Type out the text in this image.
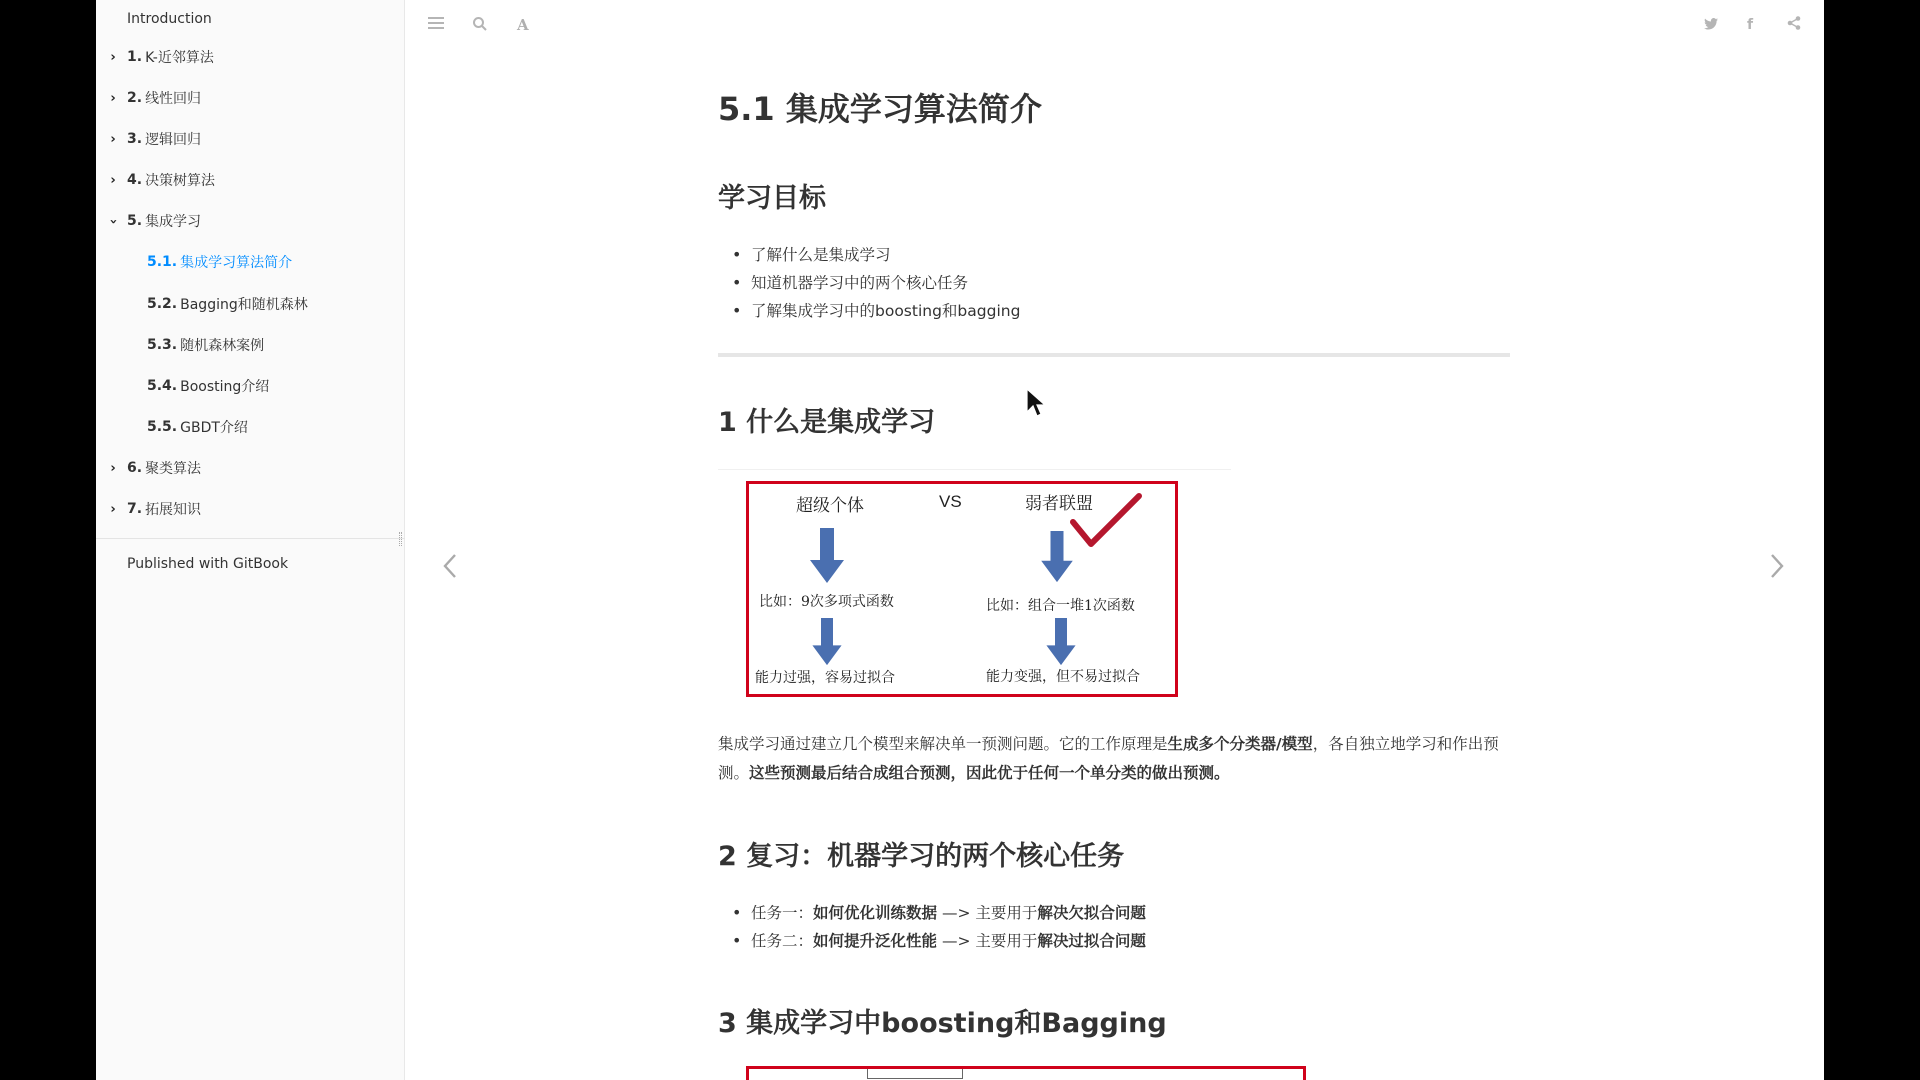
Introduction
› 1. K-近邻算法
› 2. 线性回归
› 3. 逻辑回归
› 4. 决策树算法
› 5. 集成学习
5.1. 集成学习算法简介
5.2. Bagging和随机森林
5.3. 随机森林案例
5.4. Boosting介绍
5.5. GBDT介绍
› 6. 聚类算法
› 7. 拓展知识
Published with GitBook
A	f
5.1 集成学习算法简介
学习目标
• 了解什么是集成学习
• 知道机器学习中的两个核心任务
• 了解集成学习中的boosting和bagging
1 什么是集成学习
超级个体	VS	弱者联盟
比如：9次多项式函数	比如：组合一堆1次函数
能力过强，容易过拟合	能力变强，但不易过拟合

集成学习通过建立几个模型来解决单一预测问题。它的工作原理是生成多个分类器/模型，各自独立地学习和作出预测。这些预测最后结合成组合预测，因此优于任何一个单分类的做出预测。

2 复习：机器学习的两个核心任务
• 任务一：如何优化训练数据 —> 主要用于解决欠拟合问题
• 任务二：如何提升泛化性能 —> 主要用于解决过拟合问题
3 集成学习中boosting和Bagging
